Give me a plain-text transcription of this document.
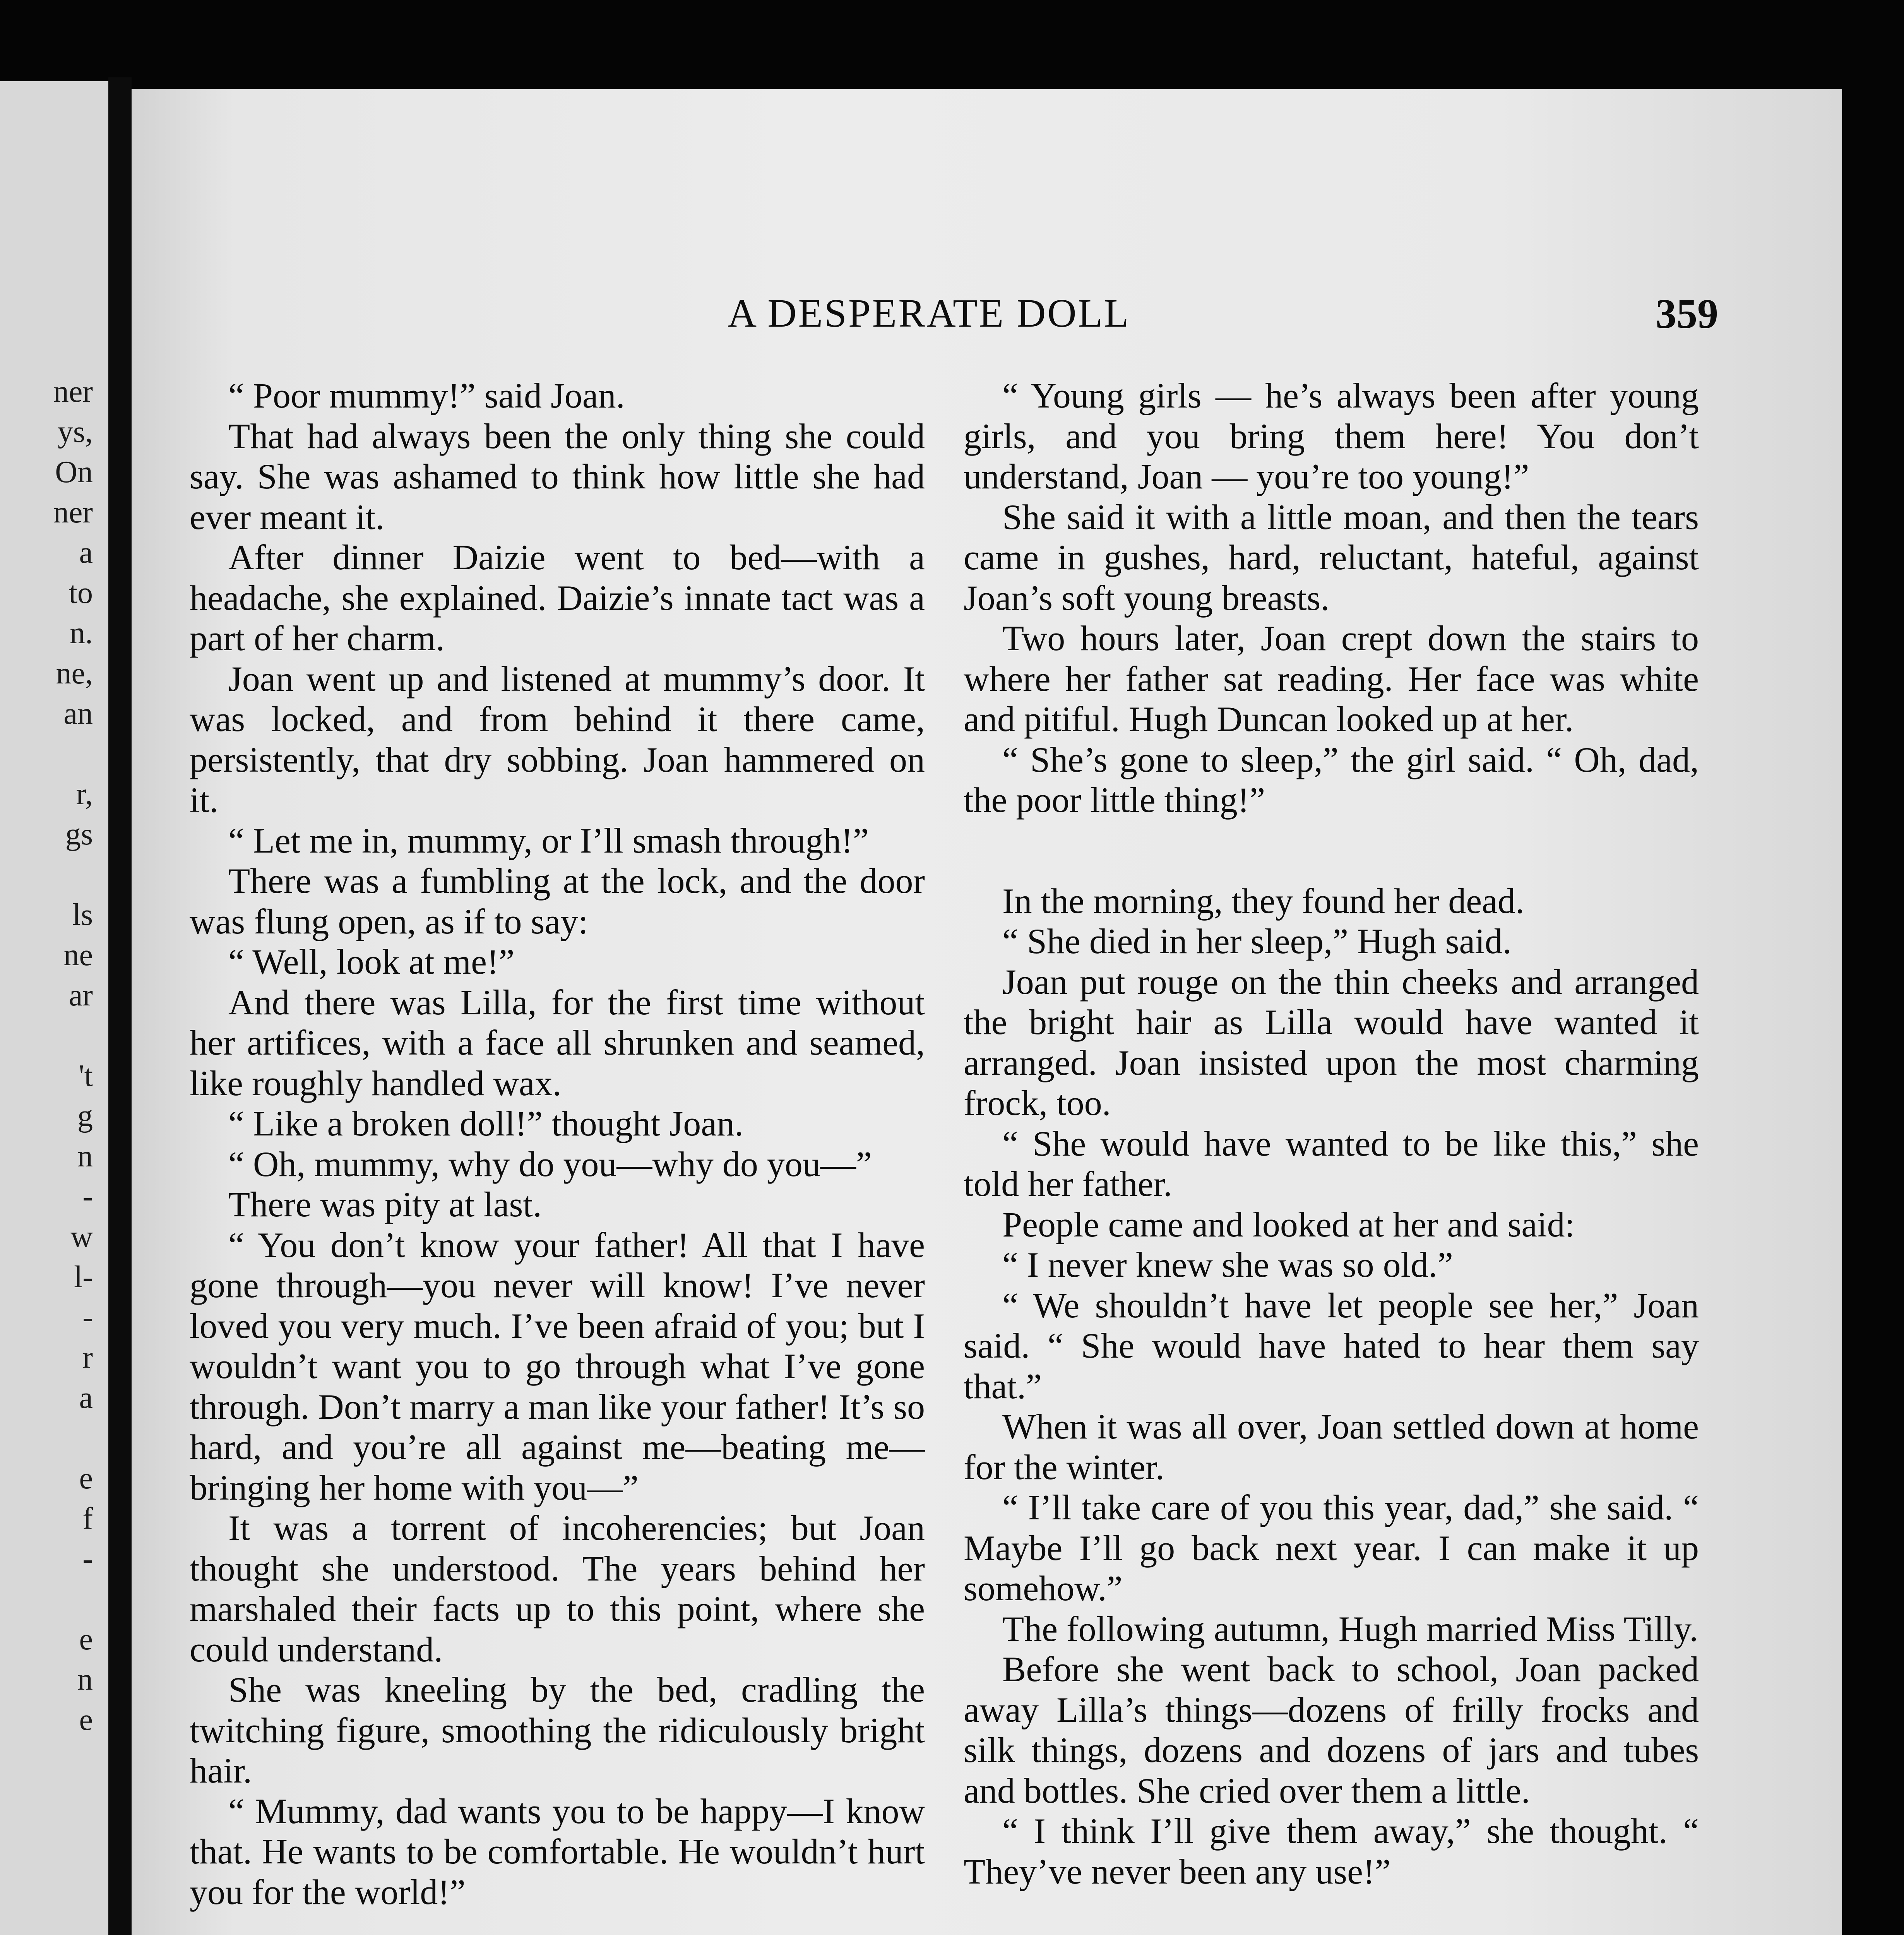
ner
ys,
On
ner
a
to
n.
ne,
an
r,
gs
ls
ne
ar
't
g
n
-
w
l-
-
r
a
e
f
-
e
n
e
A DESPERATE DOLL	359

“ Poor mummy!” said Joan.

That had always been the only thing she could say. She was ashamed to think how little she had ever meant it.

After dinner Daizie went to bed—with a headache, she explained. Daizie’s innate tact was a part of her charm.

Joan went up and listened at mummy’s door. It was locked, and from behind it there came, persistently, that dry sobbing. Joan hammered on it.

“ Let me in, mummy, or I’ll smash through!”

There was a fumbling at the lock, and the door was flung open, as if to say:

“ Well, look at me!”

And there was Lilla, for the first time without her artifices, with a face all shrunken and seamed, like roughly handled wax.

“ Like a broken doll!” thought Joan.

“ Oh, mummy, why do you—why do you—”

There was pity at last.

“ You don’t know your father! All that I have gone through—you never will know! I’ve never loved you very much. I’ve been afraid of you; but I wouldn’t want you to go through what I’ve gone through. Don’t marry a man like your father! It’s so hard, and you’re all against me—beating me—bringing her home with you—”

It was a torrent of incoherencies; but Joan thought she understood. The years behind her marshaled their facts up to this point, where she could understand.

She was kneeling by the bed, cradling the twitching figure, smoothing the ridiculously bright hair.

“ Mummy, dad wants you to be happy—I know that. He wants to be comfortable. He wouldn’t hurt you for the world!”

“ Young girls — he’s always been after young girls, and you bring them here! You don’t understand, Joan — you’re too young!”

She said it with a little moan, and then the tears came in gushes, hard, reluctant, hateful, against Joan’s soft young breasts.

Two hours later, Joan crept down the stairs to where her father sat reading. Her face was white and pitiful. Hugh Duncan looked up at her.

“ She’s gone to sleep,” the girl said. “ Oh, dad, the poor little thing!”

In the morning, they found her dead.

“ She died in her sleep,” Hugh said.

Joan put rouge on the thin cheeks and arranged the bright hair as Lilla would have wanted it arranged. Joan insisted upon the most charming frock, too.

“ She would have wanted to be like this,” she told her father.

People came and looked at her and said:

“ I never knew she was so old.”

“ We shouldn’t have let people see her,” Joan said. “ She would have hated to hear them say that.”

When it was all over, Joan settled down at home for the winter.

“ I’ll take care of you this year, dad,” she said. “ Maybe I’ll go back next year. I can make it up somehow.”

The following autumn, Hugh married Miss Tilly.

Before she went back to school, Joan packed away Lilla’s things—dozens of frilly frocks and silk things, dozens and dozens of jars and tubes and bottles. She cried over them a little.

“ I think I’ll give them away,” she thought. “ They’ve never been any use!”
